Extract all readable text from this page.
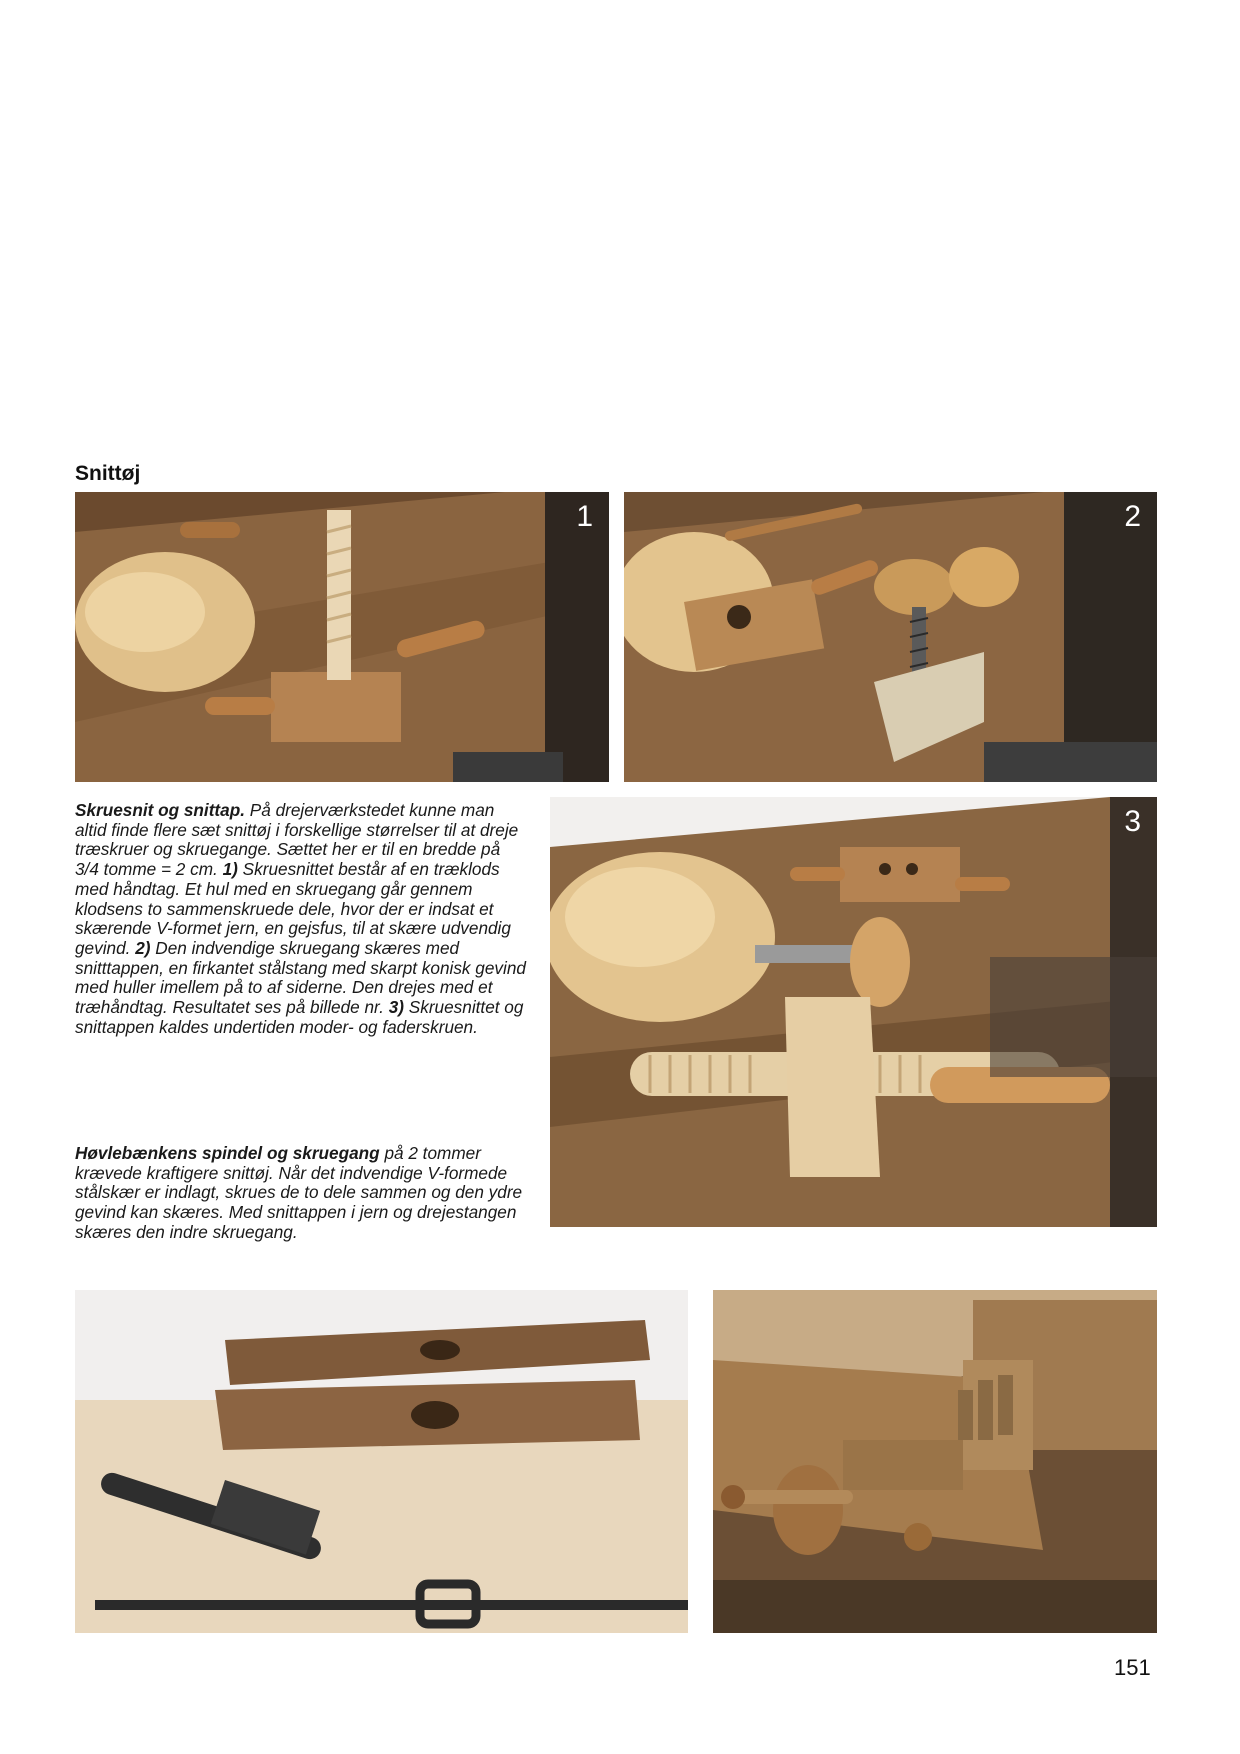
Snittøj
1	2
Skruesnit og snittap. På drejerværkstedet kunne man altid finde flere sæt snittøj i forskellige størrelser til at dreje træskruer og skruegange. Sættet her er til en bredde på 3/4 tomme = 2 cm. 1) Skruesnittet består af en træklods med håndtag. Et hul med en skruegang går gennem klodsens to sammenskruede dele, hvor der er indsat et skærende V-formet jern, en gejsfus, til at skære udvendig gevind. 2) Den indvendige skruegang skæres med snitttappen, en firkantet stålstang med skarpt konisk gevind med huller imellem på to af siderne. Den drejes med et træhåndtag. Resultatet ses på billede nr. 3) Skruesnittet og snittappen kaldes undertiden moder- og faderskruen.
3
Høvlebænkens spindel og skruegang på 2 tommer krævede kraftigere snittøj. Når det indvendige V-formede stålskær er indlagt, skrues de to dele sammen og den ydre gevind kan skæres. Med snittappen i jern og drejestangen skæres den indre skruegang.
151
